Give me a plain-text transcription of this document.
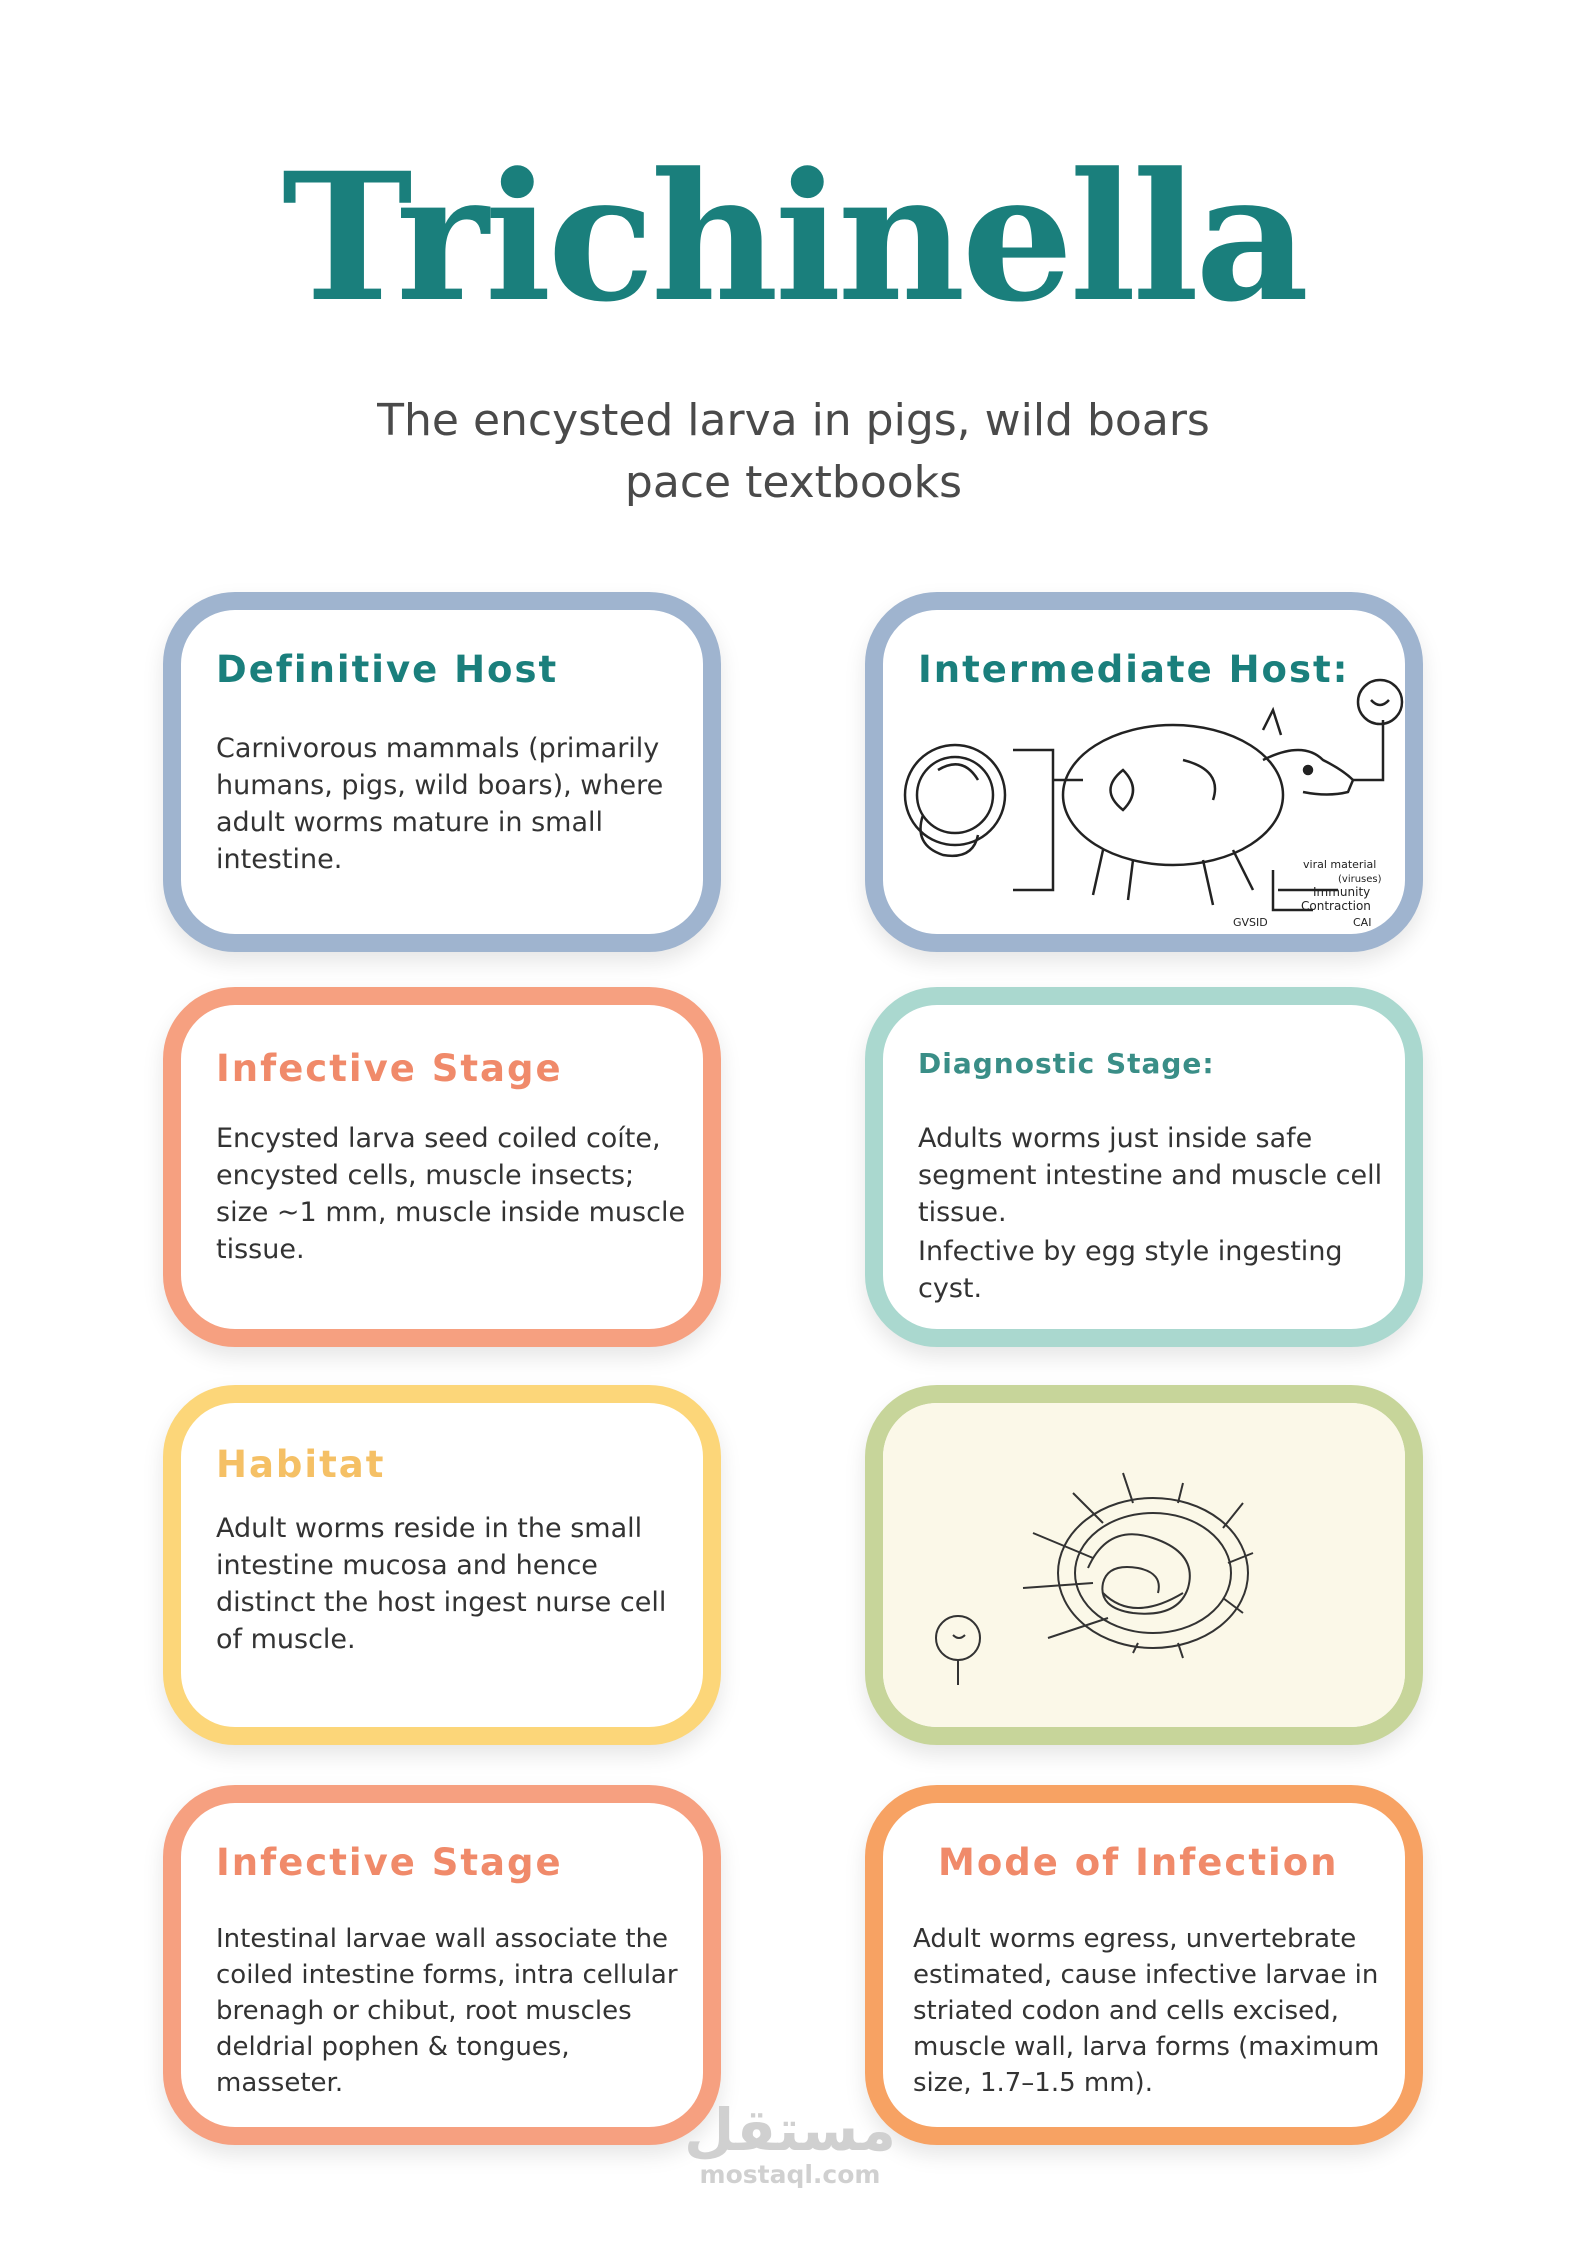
Trichinella
The encysted larva in pigs, wild boars
pace textbooks
Definitive Host

Carnivorous mammals (primarily humans, pigs, wild boars), where adult worms mature in small intestine.

Intermediate Host:
viral material
(viruses)
Immunity
Contraction
GVSID	CAI
Infective Stage

Encysted larva seed coiled coíte, encysted cells, muscle insects; size ~1 mm, muscle inside muscle tissue.

Diagnostic Stage:

Adults worms just inside safe segment intestine and muscle cell tissue.

Infective by egg style ingesting cyst.

Habitat

Adult worms reside in the small intestine mucosa and hence distinct the host ingest nurse cell of muscle.

Infective Stage

Intestinal larvae wall associate the coiled intestine forms, intra cellular brenagh or chibut, root muscles deldrial pophen & tongues, masseter.

Mode of Infection

Adult worms egress, unvertebrate estimated, cause infective larvae in striated codon and cells excised, muscle wall, larva forms (maximum size, 1.7–1.5 mm).

مستقل
mostaql.com
